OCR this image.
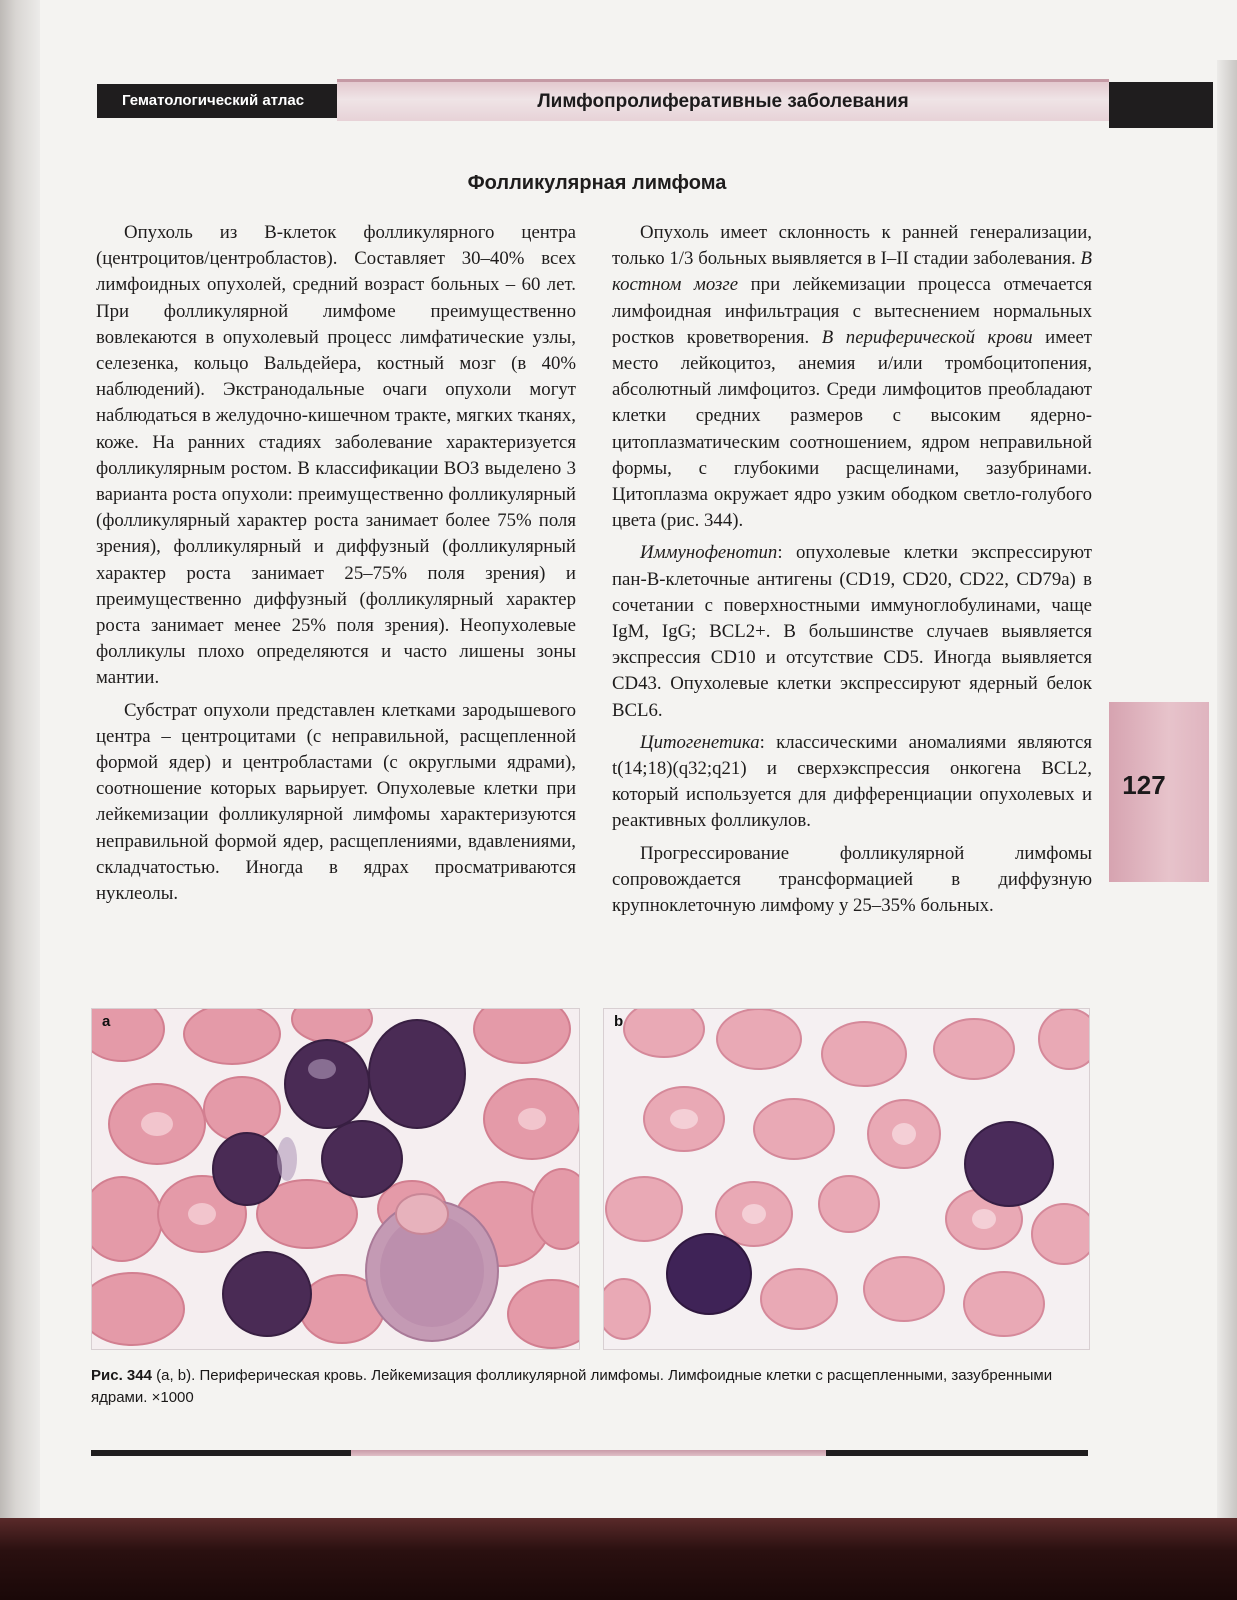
Гематологический атлас	Лимфопролиферативные заболевания
Фолликулярная лимфома

Опухоль из В-клеток фолликулярного центра (центроцитов/центробластов). Составляет 30–40% всех лимфоидных опухолей, средний возраст больных – 60 лет. При фолликулярной лимфоме преимущественно вовлекаются в опухолевый процесс лимфатические узлы, селезенка, кольцо Вальдейера, костный мозг (в 40% наблюдений). Экстранодальные очаги опухоли могут наблюдаться в желудочно-кишечном тракте, мягких тканях, коже. На ранних стадиях заболевание характеризуется фолликулярным ростом. В классификации ВОЗ выделено 3 варианта роста опухоли: преимущественно фолликулярный (фолликулярный характер роста занимает более 75% поля зрения), фолликулярный и диффузный (фолликулярный характер роста занимает 25–75% поля зрения) и преимущественно диффузный (фолликулярный характер роста занимает менее 25% поля зрения). Неопухолевые фолликулы плохо определяются и часто лишены зоны мантии.

Субстрат опухоли представлен клетками зародышевого центра – центроцитами (с неправильной, расщепленной формой ядер) и центробластами (с округлыми ядрами), соотношение которых варьирует. Опухолевые клетки при лейкемизации фолликулярной лимфомы характеризуются неправильной формой ядер, расщеплениями, вдавлениями, складчатостью. Иногда в ядрах просматриваются нуклеолы.

Опухоль имеет склонность к ранней генерализации, только 1/3 больных выявляется в I–II стадии заболевания. В костном мозге при лейкемизации процесса отмечается лимфоидная инфильтрация с вытеснением нормальных ростков кроветворения. В периферической крови имеет место лейкоцитоз, анемия и/или тромбоцитопения, абсолютный лимфоцитоз. Среди лимфоцитов преобладают клетки средних размеров с высоким ядерно-цитоплазматическим соотношением, ядром неправильной формы, с глубокими расщелинами, зазубринами. Цитоплазма окружает ядро узким ободком светло-голубого цвета (рис. 344).

Иммунофенотип: опухолевые клетки экспрессируют пан-В-клеточные антигены (CD19, CD20, CD22, CD79a) в сочетании с поверхностными иммуноглобулинами, чаще IgM, IgG; BCL2+. В большинстве случаев выявляется экспрессия CD10 и отсутствие CD5. Иногда выявляется CD43. Опухолевые клетки экспрессируют ядерный белок BCL6.

Цитогенетика: классическими аномалиями являются t(14;18)(q32;q21) и сверхэкспрессия онкогена BCL2, который используется для дифференциации опухолевых и реактивных фолликулов.

Прогрессирование фолликулярной лимфомы сопровождается трансформацией в диффузную крупноклеточную лимфому у 25–35% больных.

127
a	b
Рис. 344 (a, b). Периферическая кровь. Лейкемизация фолликулярной лимфомы. Лимфоидные клетки с расщепленными, зазубренными ядрами. ×1000
